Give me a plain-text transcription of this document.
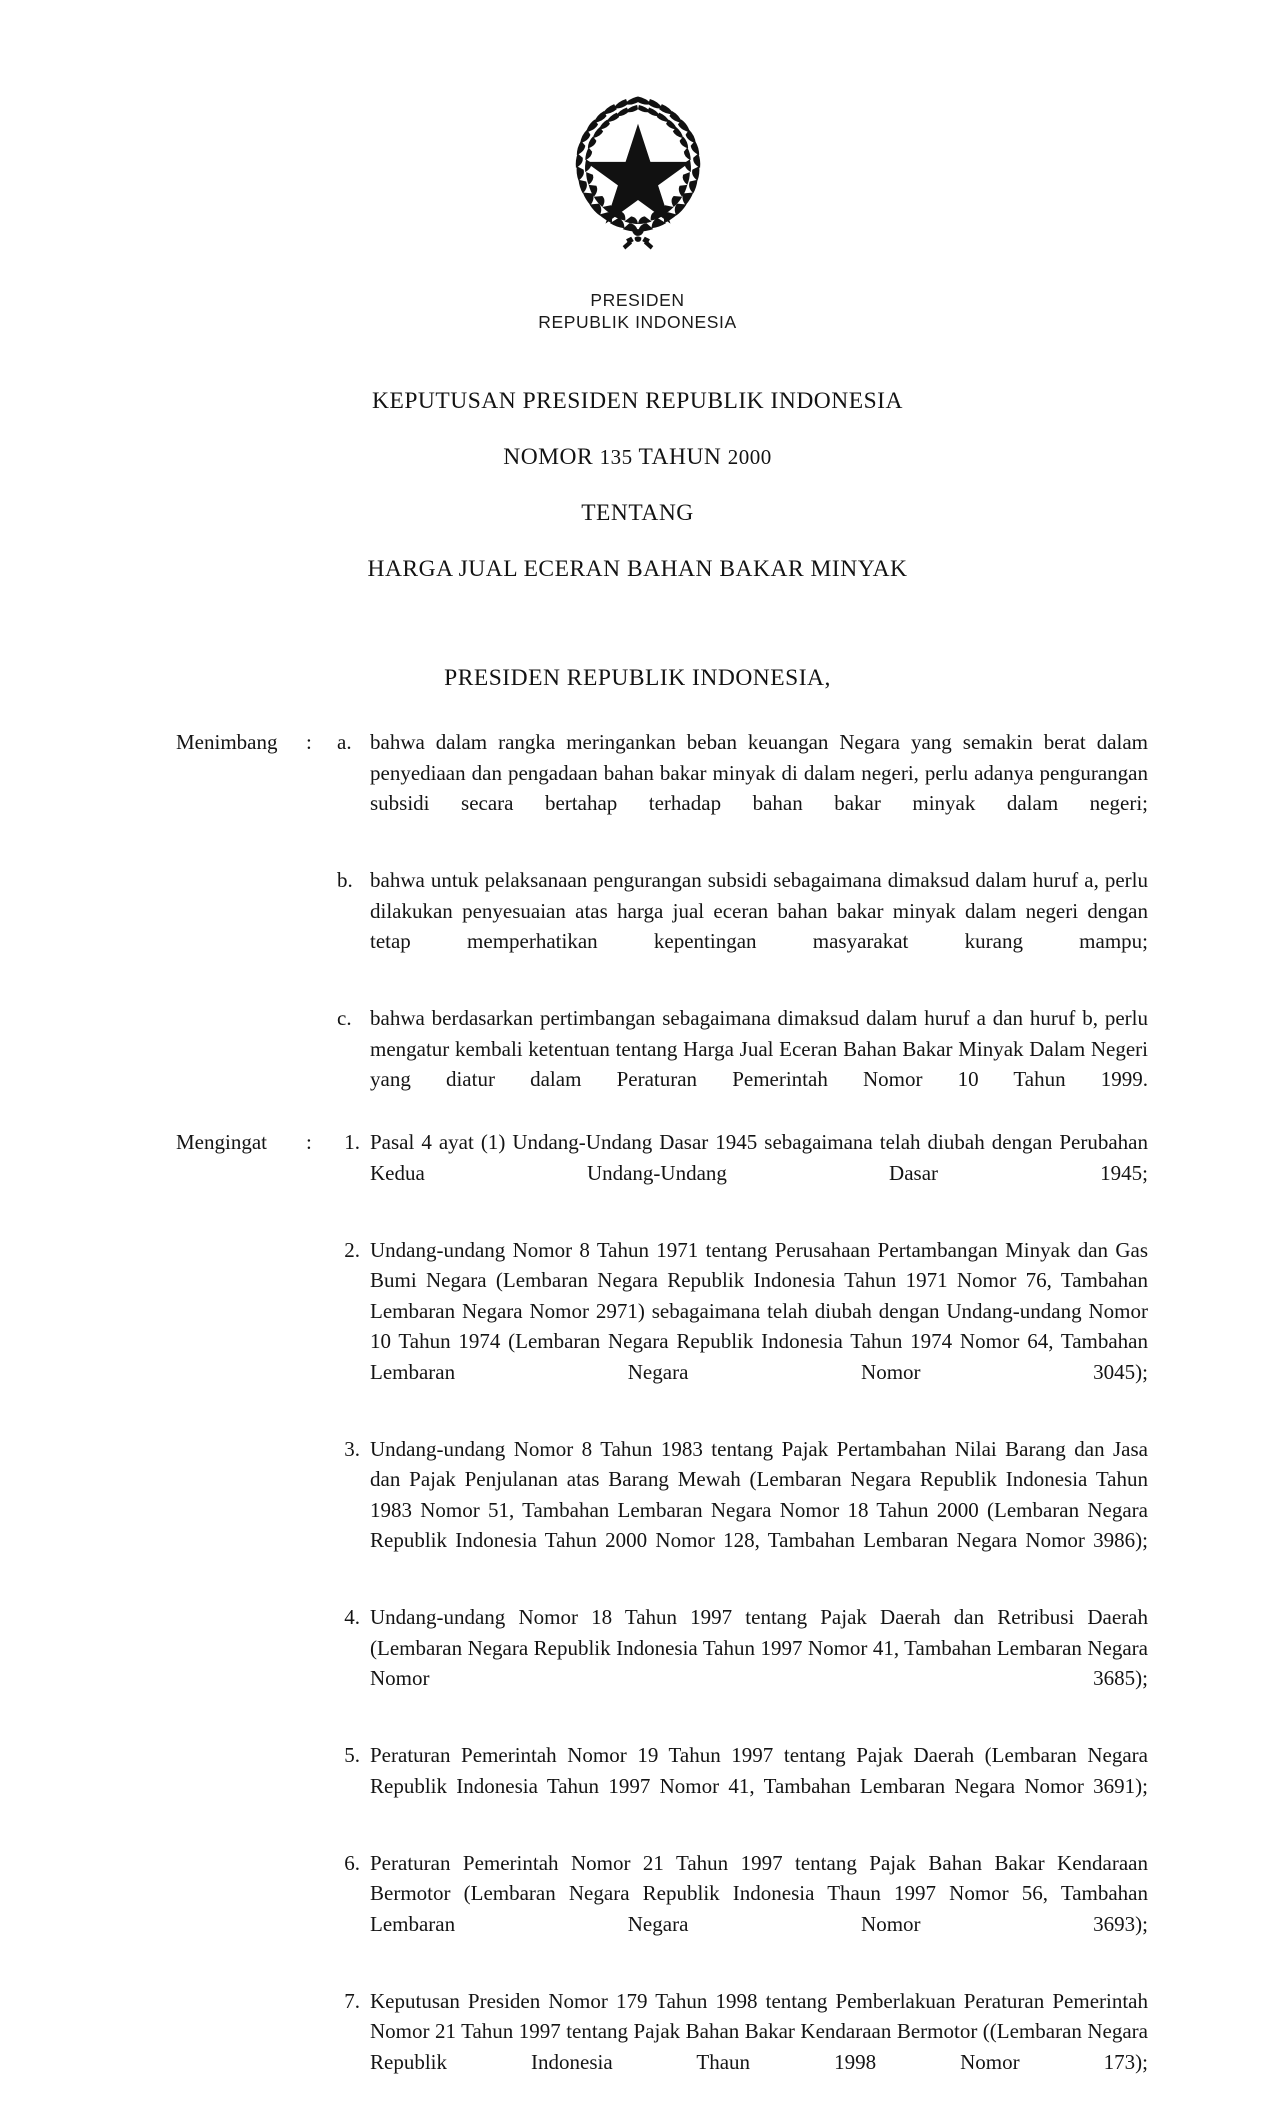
PRESIDEN
REPUBLIK INDONESIA
KEPUTUSAN PRESIDEN REPUBLIK INDONESIA
NOMOR 135 TAHUN 2000
TENTANG
HARGA JUAL ECERAN BAHAN BAKAR MINYAK
PRESIDEN REPUBLIK INDONESIA,
Menimbang	:	a. bahwa dalam rangka meringankan beban keuangan Negara yang semakin berat dalam penyediaan dan pengadaan bahan bakar minyak di dalam negeri, perlu adanya pengurangan subsidi secara bertahap terhadap bahan bakar minyak dalam negeri;
b. bahwa untuk pelaksanaan pengurangan subsidi sebagaimana dimaksud dalam huruf a, perlu dilakukan penyesuaian atas harga jual eceran bahan bakar minyak dalam negeri dengan tetap memperhatikan kepentingan masyarakat kurang mampu;
c. bahwa berdasarkan pertimbangan sebagaimana dimaksud dalam huruf a dan huruf b, perlu mengatur kembali ketentuan tentang Harga Jual Eceran Bahan Bakar Minyak Dalam Negeri yang diatur dalam Peraturan Pemerintah Nomor 10 Tahun 1999.
Mengingat	:	1. Pasal 4 ayat (1) Undang-Undang Dasar 1945 sebagaimana telah diubah dengan Perubahan Kedua Undang-Undang Dasar 1945;
2. Undang-undang Nomor 8 Tahun 1971 tentang Perusahaan Pertambangan Minyak dan Gas Bumi Negara (Lembaran Negara Republik Indonesia Tahun 1971 Nomor 76, Tambahan Lembaran Negara Nomor 2971) sebagaimana telah diubah dengan Undang-undang Nomor 10 Tahun 1974 (Lembaran Negara Republik Indonesia Tahun 1974 Nomor 64, Tambahan Lembaran Negara Nomor 3045);
3. Undang-undang Nomor 8 Tahun 1983 tentang Pajak Pertambahan Nilai Barang dan Jasa dan Pajak Penjulanan atas Barang Mewah (Lembaran Negara Republik Indonesia Tahun 1983 Nomor 51, Tambahan Lembaran Negara Nomor 18 Tahun 2000 (Lembaran Negara Republik Indonesia Tahun 2000 Nomor 128, Tambahan Lembaran Negara Nomor 3986);
4. Undang-undang Nomor 18 Tahun 1997 tentang Pajak Daerah dan Retribusi Daerah (Lembaran Negara Republik Indonesia Tahun 1997 Nomor 41, Tambahan Lembaran Negara Nomor 3685);
5. Peraturan Pemerintah Nomor 19 Tahun 1997 tentang Pajak Daerah (Lembaran Negara Republik Indonesia Tahun 1997 Nomor 41, Tambahan Lembaran Negara Nomor 3691);
6. Peraturan Pemerintah Nomor 21 Tahun 1997 tentang Pajak Bahan Bakar Kendaraan Bermotor (Lembaran Negara Republik Indonesia Thaun 1997 Nomor 56, Tambahan Lembaran Negara Nomor 3693);
7. Keputusan Presiden Nomor 179 Tahun 1998 tentang Pemberlakuan Peraturan Pemerintah Nomor 21 Tahun 1997 tentang Pajak Bahan Bakar Kendaraan Bermotor ((Lembaran Negara Republik Indonesia Thaun 1998 Nomor 173);
